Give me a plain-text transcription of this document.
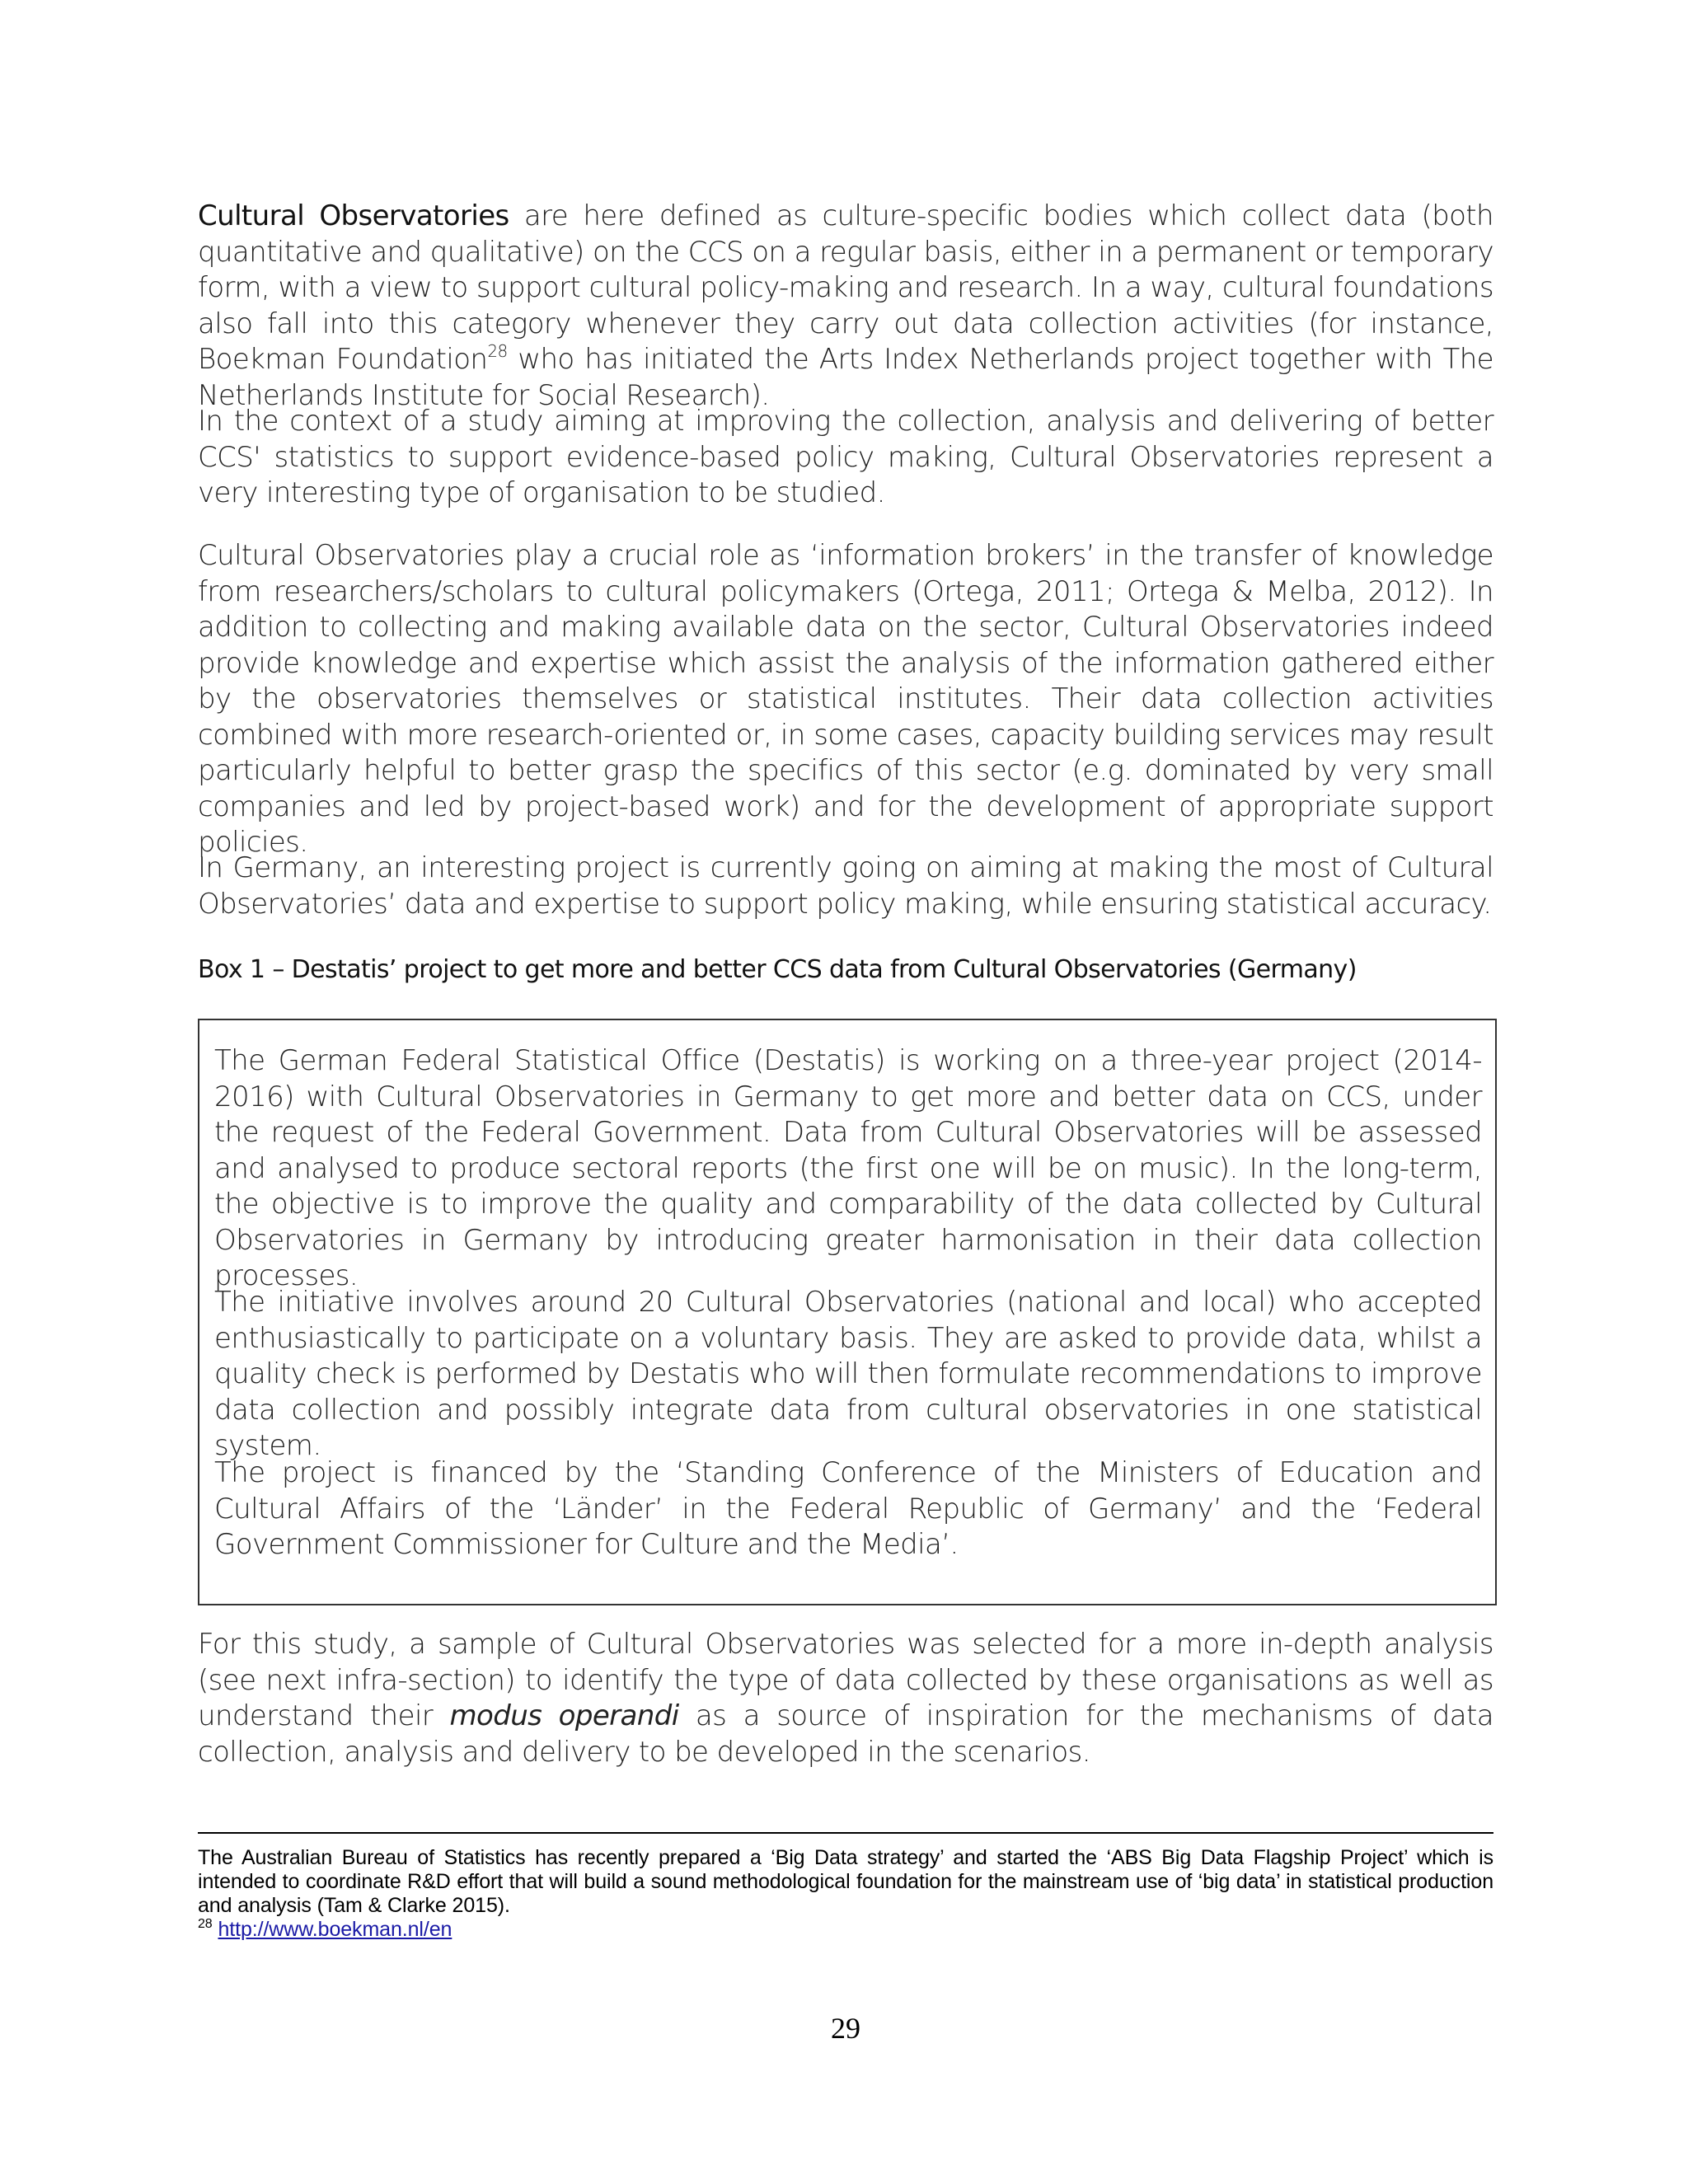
Cultural Observatories are here defined as culture-specific bodies which collect data (both quantitative and qualitative) on the CCS on a regular basis, either in a permanent or temporary form, with a view to support cultural policy-making and research. In a way, cultural foundations also fall into this category whenever they carry out data collection activities (for instance, Boekman Foundation$^{28}$ who has initiated the Arts Index Netherlands project together with The Netherlands Institute for Social Research).

In the context of a study aiming at improving the collection, analysis and delivering of better CCS' statistics to support evidence-based policy making, Cultural Observatories represent a very interesting type of organisation to be studied.

Cultural Observatories play a crucial role as ‘information brokers’ in the transfer of knowledge from researchers/scholars to cultural policymakers (Ortega, 2011; Ortega & Melba, 2012). In addition to collecting and making available data on the sector, Cultural Observatories indeed provide knowledge and expertise which assist the analysis of the information gathered either by the observatories themselves or statistical institutes. Their data collection activities combined with more research-oriented or, in some cases, capacity building services may result particularly helpful to better grasp the specifics of this sector (e.g. dominated by very small companies and led by project-based work) and for the development of appropriate support policies.

In Germany, an interesting project is currently going on aiming at making the most of Cultural Observatories’ data and expertise to support policy making, while ensuring statistical accuracy.

Box 1 – Destatis’ project to get more and better CCS data from Cultural Observatories (Germany)

The German Federal Statistical Office (Destatis) is working on a three-year project (2014-2016) with Cultural Observatories in Germany to get more and better data on CCS, under the request of the Federal Government. Data from Cultural Observatories will be assessed and analysed to produce sectoral reports (the first one will be on music). In the long-term, the objective is to improve the quality and comparability of the data collected by Cultural Observatories in Germany by introducing greater harmonisation in their data collection processes.

The initiative involves around 20 Cultural Observatories (national and local) who accepted enthusiastically to participate on a voluntary basis. They are asked to provide data, whilst a quality check is performed by Destatis who will then formulate recommendations to improve data collection and possibly integrate data from cultural observatories in one statistical system.

The project is financed by the ‘Standing Conference of the Ministers of Education and Cultural Affairs of the ‘Länder’ in the Federal Republic of Germany’ and the ‘Federal Government Commissioner for Culture and the Media’.

For this study, a sample of Cultural Observatories was selected for a more in-depth analysis (see next infra-section) to identify the type of data collected by these organisations as well as understand their modus operandi as a source of inspiration for the mechanisms of data collection, analysis and delivery to be developed in the scenarios.

The Australian Bureau of Statistics has recently prepared a ‘Big Data strategy’ and started the ‘ABS Big Data Flagship Project’ which is intended to coordinate R&D effort that will build a sound methodological foundation for the mainstream use of ‘big data’ in statistical production and analysis (Tam & Clarke 2015).

$^{28}$ http://www.boekman.nl/en

29
